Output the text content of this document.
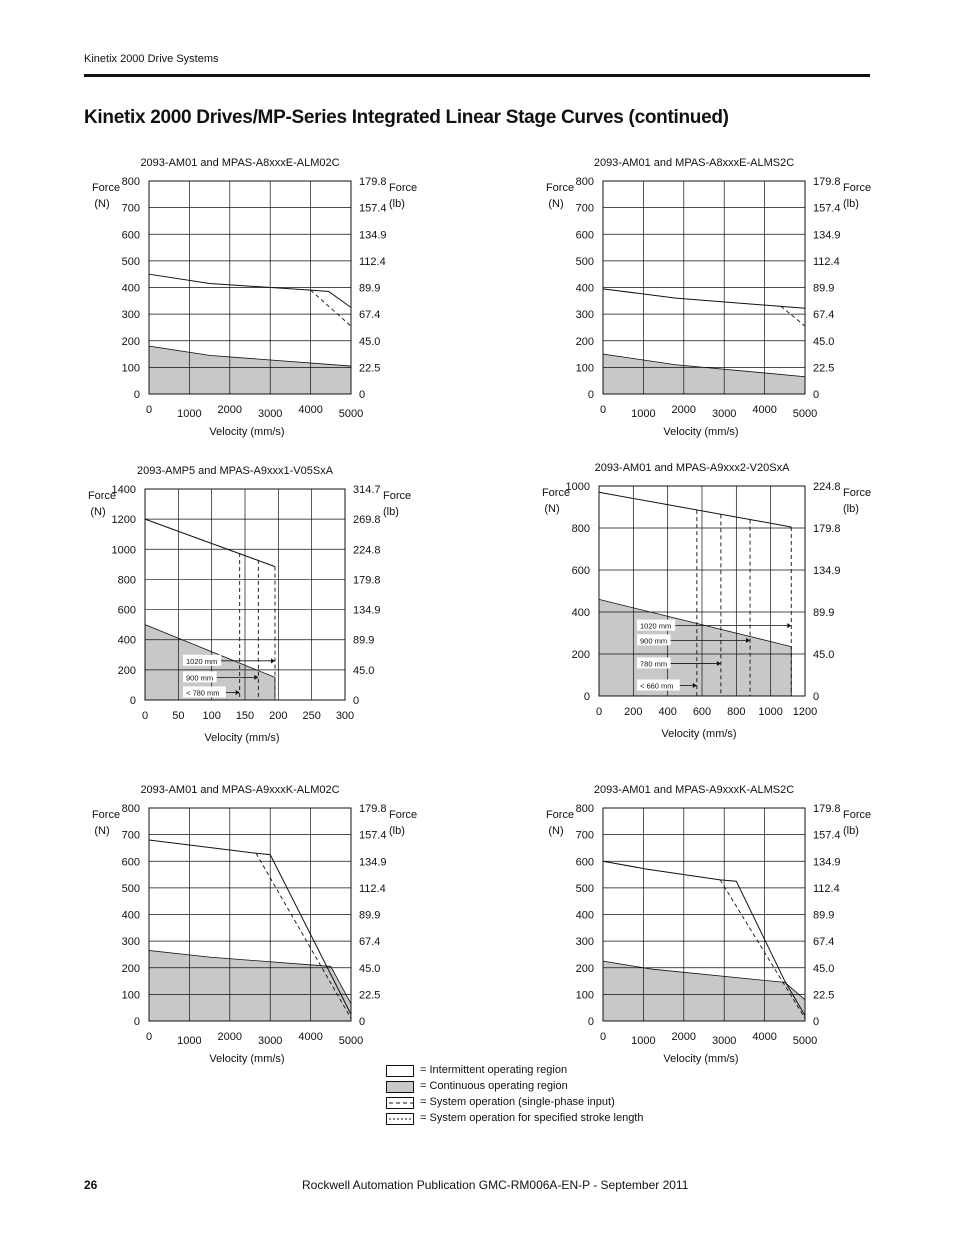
Kinetix 2000 Drive Systems
Kinetix 2000 Drives/MP-Series Integrated Linear Stage Curves (continued)
2093-AM01 and MPAS-A8xxxE-ALM02C
0 1000 2000 3000 4000 5000
0
100
200
300
400
500
600
700
800
0
22.5
45.0
67.4
89.9
112.4
134.9
157.4
179.8
Force
(N)
Force
(lb)
Velocity (mm/s)
2093-AM01 and MPAS-A8xxxE-ALMS2C
0 1000 2000 3000 4000 5000
0
100
200
300
400
500
600
700
800
0
22.5
45.0
67.4
89.9
112.4
134.9
157.4
179.8
Force
(N)
Force
(lb)
Velocity (mm/s)
2093-AMP5 and MPAS-A9xxx1-V05SxA
1020 mm
900 mm
< 780 mm
0 50 100 150 200 250 300
0
200
400
600
800
1000
1200
1400
0
45.0
89.9
134.9
179.8
224.8
269.8
314.7
Force
(N)
Force
(lb)
Velocity (mm/s)
2093-AM01 and MPAS-A9xxx2-V20SxA
1020 mm
900 mm
780 mm
< 660 mm
0 200 400 600 800 1000 1200
0
200
400
600
800
1000
0
45.0
89.9
134.9
179.8
224.8
Force
(N)
Force
(lb)
Velocity (mm/s)
2093-AM01 and MPAS-A9xxxK-ALM02C
0 1000 2000 3000 4000 5000
0
100
200
300
400
500
600
700
800
0
22.5
45.0
67.4
89.9
112.4
134.9
157.4
179.8
Force
(N)
Force
(lb)
Velocity (mm/s)
2093-AM01 and MPAS-A9xxxK-ALMS2C
0 1000 2000 3000 4000 5000
0
100
200
300
400
500
600
700
800
0
22.5
45.0
67.4
89.9
112.4
134.9
157.4
179.8
Force
(N)
Force
(lb)
Velocity (mm/s)
= Intermittent operating region
= Continuous operating region
= System operation (single-phase input)
= System operation for specified stroke length
26	Rockwell Automation Publication GMC-RM006A-EN-P - September 2011
